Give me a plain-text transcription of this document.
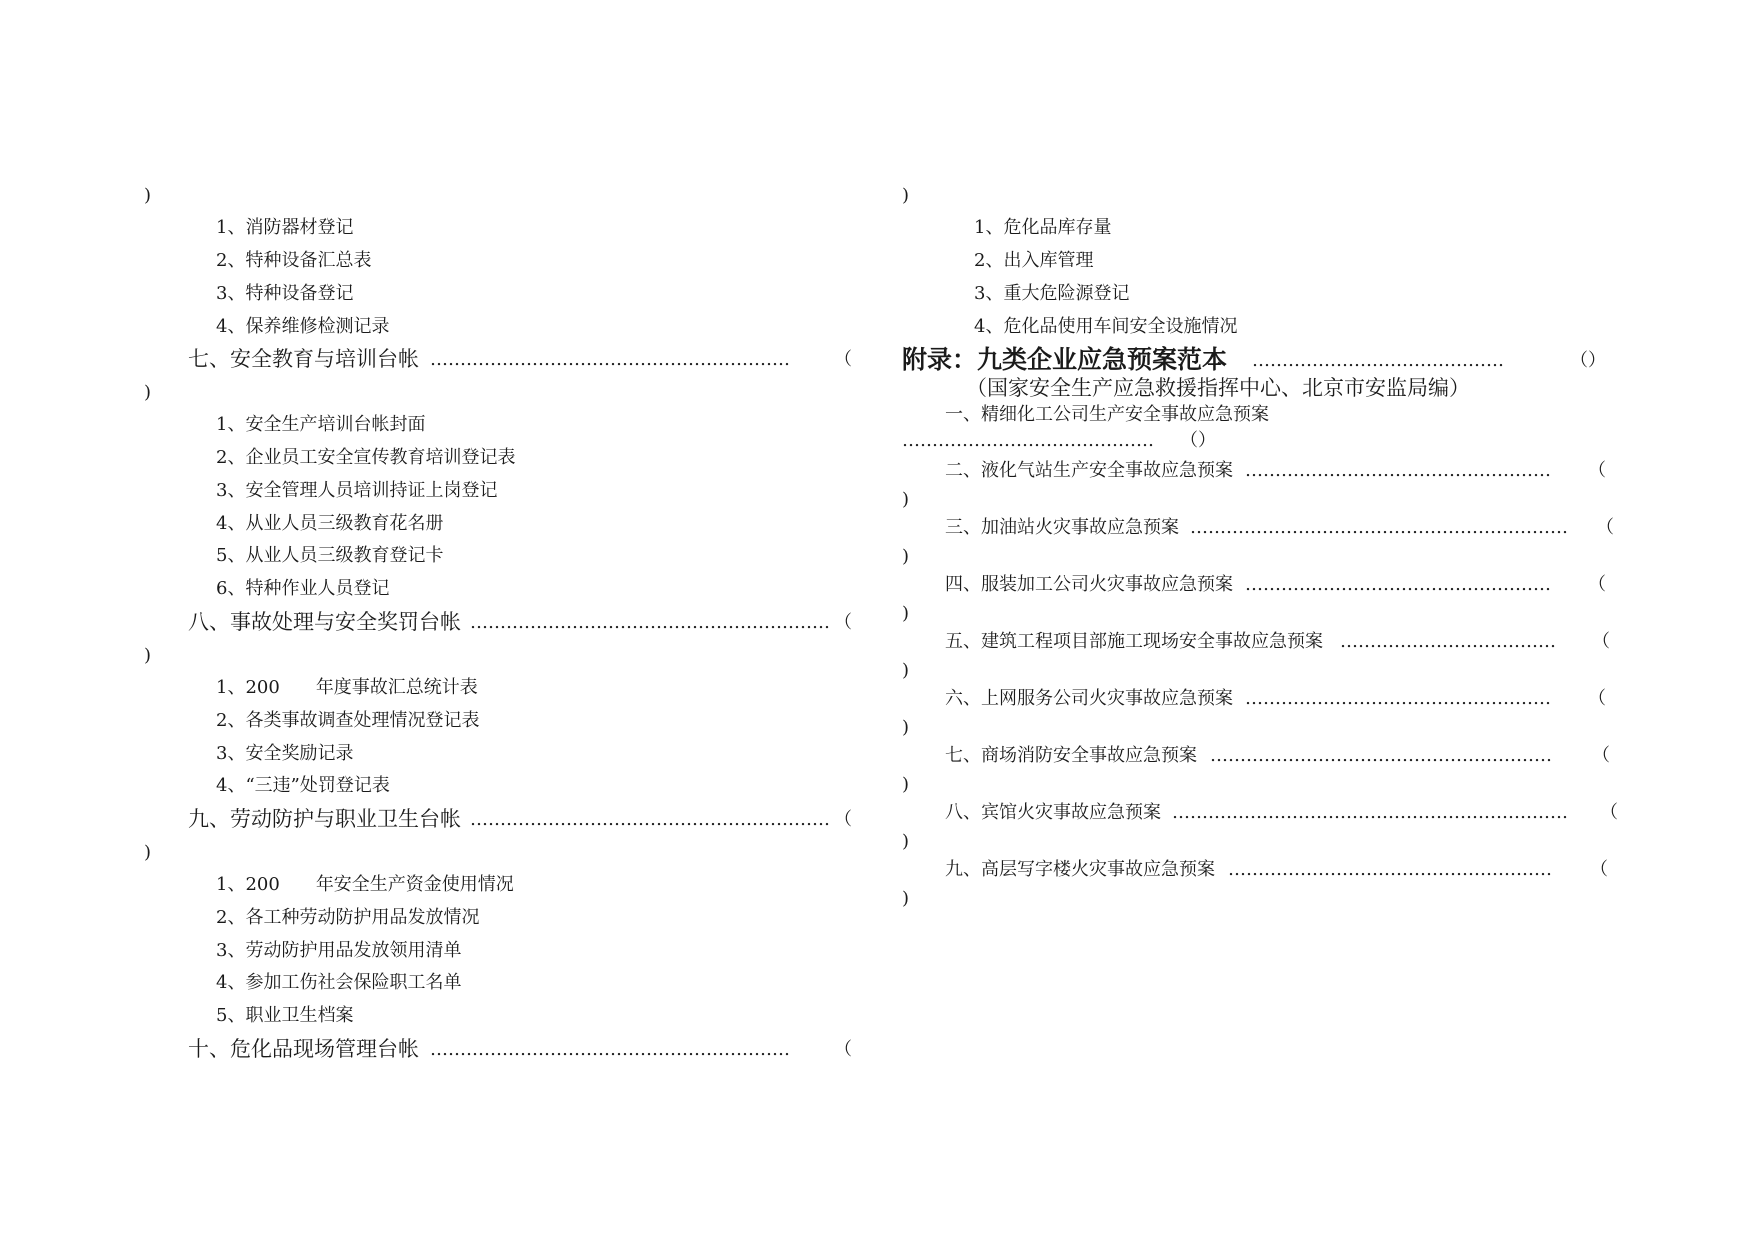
)
1、消防器材登记
2、特种设备汇总表
3、特种设备登记
4、保养维修检测记录
七、安全教育与培训台帐 …………………………………………………… （
)
1、安全生产培训台帐封面
2、企业员工安全宣传教育培训登记表
3、安全管理人员培训持证上岗登记
4、从业人员三级教育花名册
5、从业人员三级教育登记卡
6、特种作业人员登记
八、事故处理与安全奖罚台帐 …………………………………………………… （
)
1、200 年度事故汇总统计表
2、各类事故调查处理情况登记表
3、安全奖励记录
4、“三违”处罚登记表
九、劳动防护与职业卫生台帐 …………………………………………………… （
)
1、200 年安全生产资金使用情况
2、各工种劳动防护用品发放情况
3、劳动防护用品发放领用清单
4、参加工伤社会保险职工名单
5、职业卫生档案
十、危化品现场管理台帐 …………………………………………………… （
)
1、危化品库存量
2、出入库管理
3、重大危险源登记
4、危化品使用车间安全设施情况
附录：九类企业应急预案范本 ……………………………………	（）
（国家安全生产应急救援指挥中心、北京市安监局编）
一、精细化工公司生产安全事故应急预案
…………………………………… （）
二、液化气站生产安全事故应急预案 …………………………………………… （
)
三、加油站火灾事故应急预案 ……………………………………………………… （
)
四、服装加工公司火灾事故应急预案 …………………………………………… （
)
五、建筑工程项目部施工现场安全事故应急预案 ……………………………… （
)
六、上网服务公司火灾事故应急预案 …………………………………………… （
)
七、商场消防安全事故应急预案 ………………………………………………… （
)
八、宾馆火灾事故应急预案 ………………………………………………………… （
)
九、高层写字楼火灾事故应急预案 ……………………………………………… （
)
